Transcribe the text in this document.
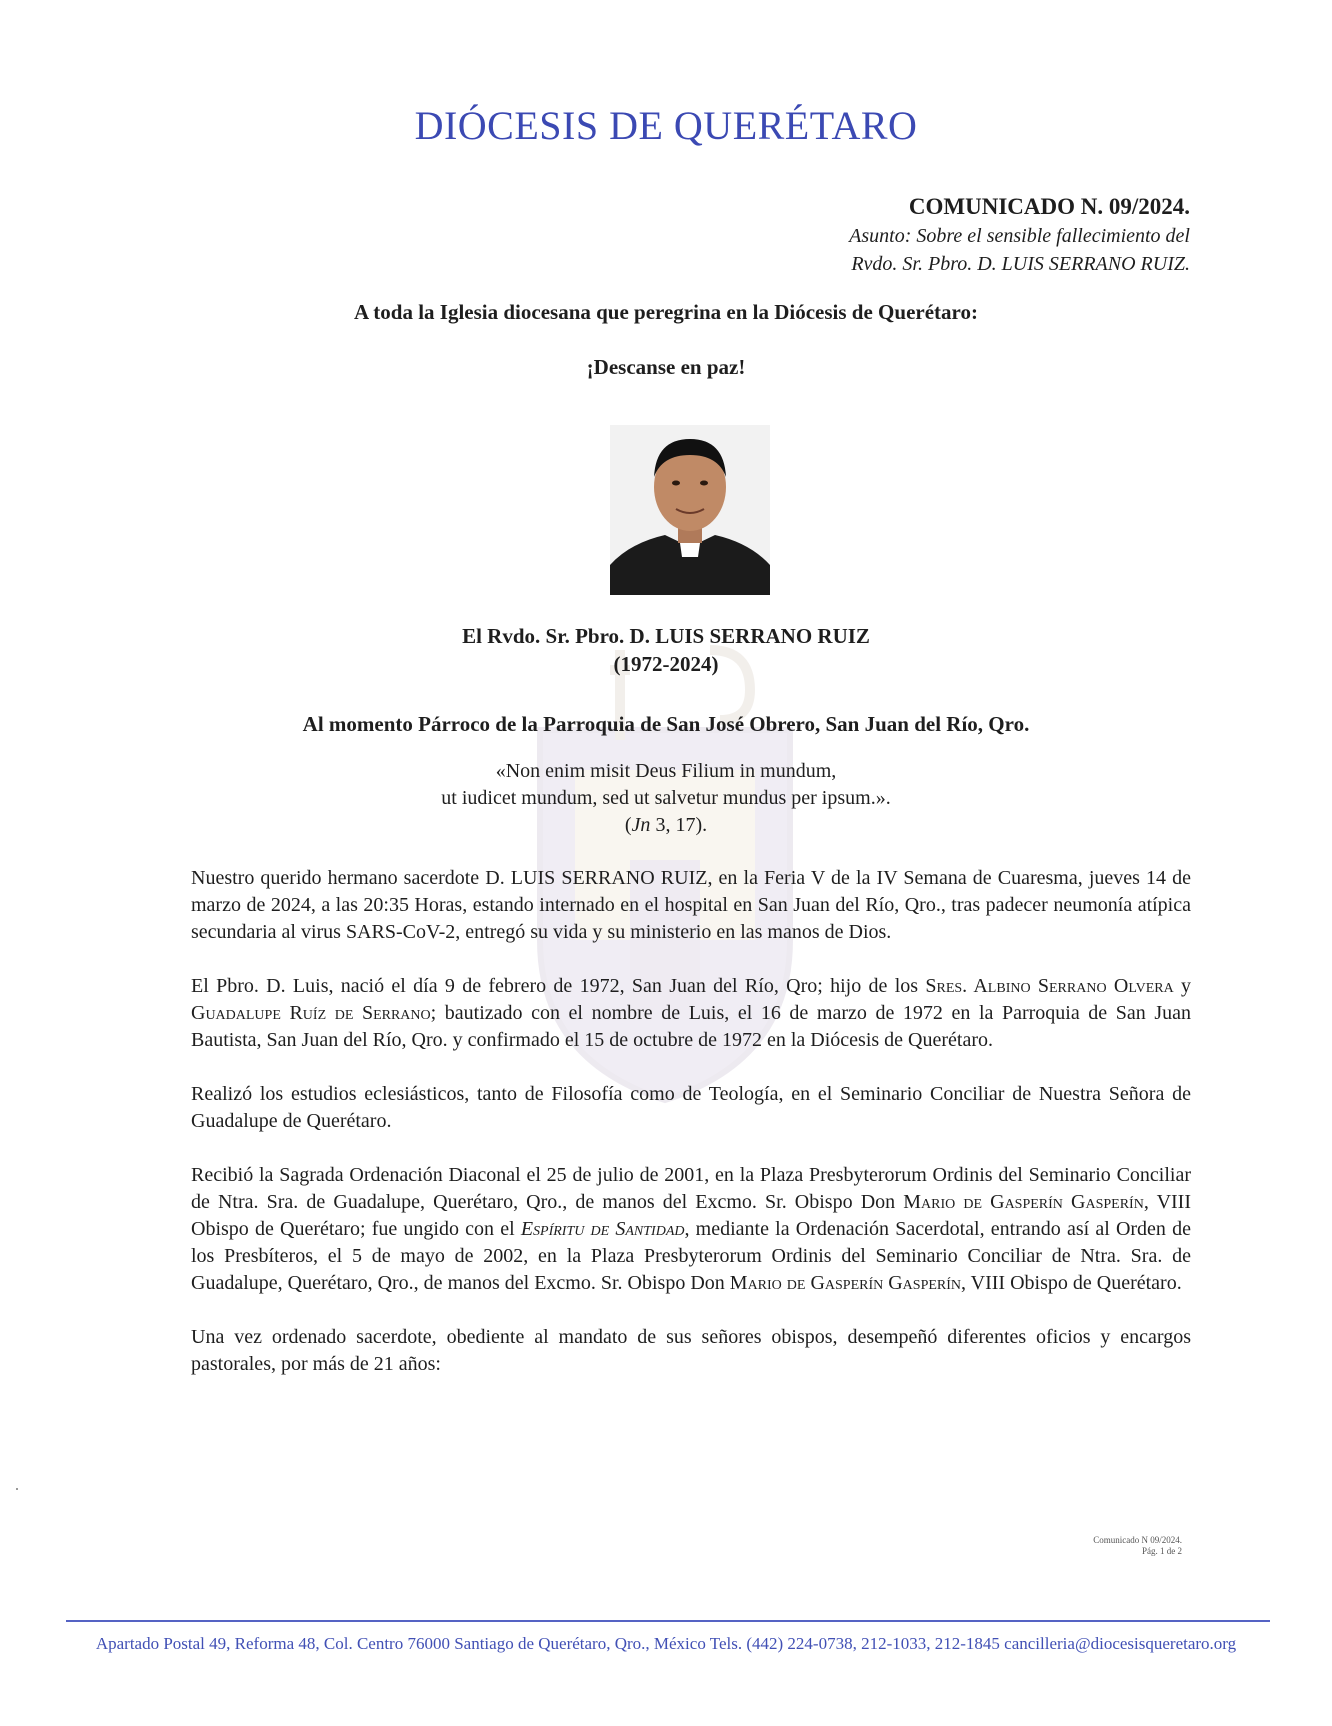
DIÓCESIS DE QUERÉTARO
COMUNICADO N. 09/2024.
Asunto: Sobre el sensible fallecimiento del
Rvdo. Sr. Pbro. D. LUIS SERRANO RUIZ.
A toda la Iglesia diocesana que peregrina en la Diócesis de Querétaro:
¡Descanse en paz!
El Rvdo. Sr. Pbro. D. LUIS SERRANO RUIZ
(1972-2024)
Al momento Párroco de la Parroquia de San José Obrero, San Juan del Río, Qro.
«Non enim misit Deus Filium in mundum,
ut iudicet mundum, sed ut salvetur mundus per ipsum.».
(Jn 3, 17).

Nuestro querido hermano sacerdote D. LUIS SERRANO RUIZ, en la Feria V de la IV Semana de Cuaresma, jueves 14 de marzo de 2024, a las 20:35 Horas, estando internado en el hospital en San Juan del Río, Qro., tras padecer neumonía atípica secundaria al virus SARS-CoV-2, entregó su vida y su ministerio en las manos de Dios.

El Pbro. D. Luis, nació el día 9 de febrero de 1972, San Juan del Río, Qro; hijo de los Sres. Albino Serrano Olvera y Guadalupe Ruíz de Serrano; bautizado con el nombre de Luis, el 16 de marzo de 1972 en la Parroquia de San Juan Bautista, San Juan del Río, Qro. y confirmado el 15 de octubre de 1972 en la Diócesis de Querétaro.

Realizó los estudios eclesiásticos, tanto de Filosofía como de Teología, en el Seminario Conciliar de Nuestra Señora de Guadalupe de Querétaro.

Recibió la Sagrada Ordenación Diaconal el 25 de julio de 2001, en la Plaza Presbyterorum Ordinis del Seminario Conciliar de Ntra. Sra. de Guadalupe, Querétaro, Qro., de manos del Excmo. Sr. Obispo Don Mario de Gasperín Gasperín, VIII Obispo de Querétaro; fue ungido con el Espíritu de Santidad, mediante la Ordenación Sacerdotal, entrando así al Orden de los Presbíteros, el 5 de mayo de 2002, en la Plaza Presbyterorum Ordinis del Seminario Conciliar de Ntra. Sra. de Guadalupe, Querétaro, Qro., de manos del Excmo. Sr. Obispo Don Mario de Gasperín Gasperín, VIII Obispo de Querétaro.

Una vez ordenado sacerdote, obediente al mandato de sus señores obispos, desempeñó diferentes oficios y encargos pastorales, por más de 21 años:

Comunicado N 09/2024.
Pág. 1 de 2
Apartado Postal 49, Reforma 48, Col. Centro 76000 Santiago de Querétaro, Qro., México Tels. (442) 224-0738, 212-1033, 212-1845 cancilleria@diocesisqueretaro.org
